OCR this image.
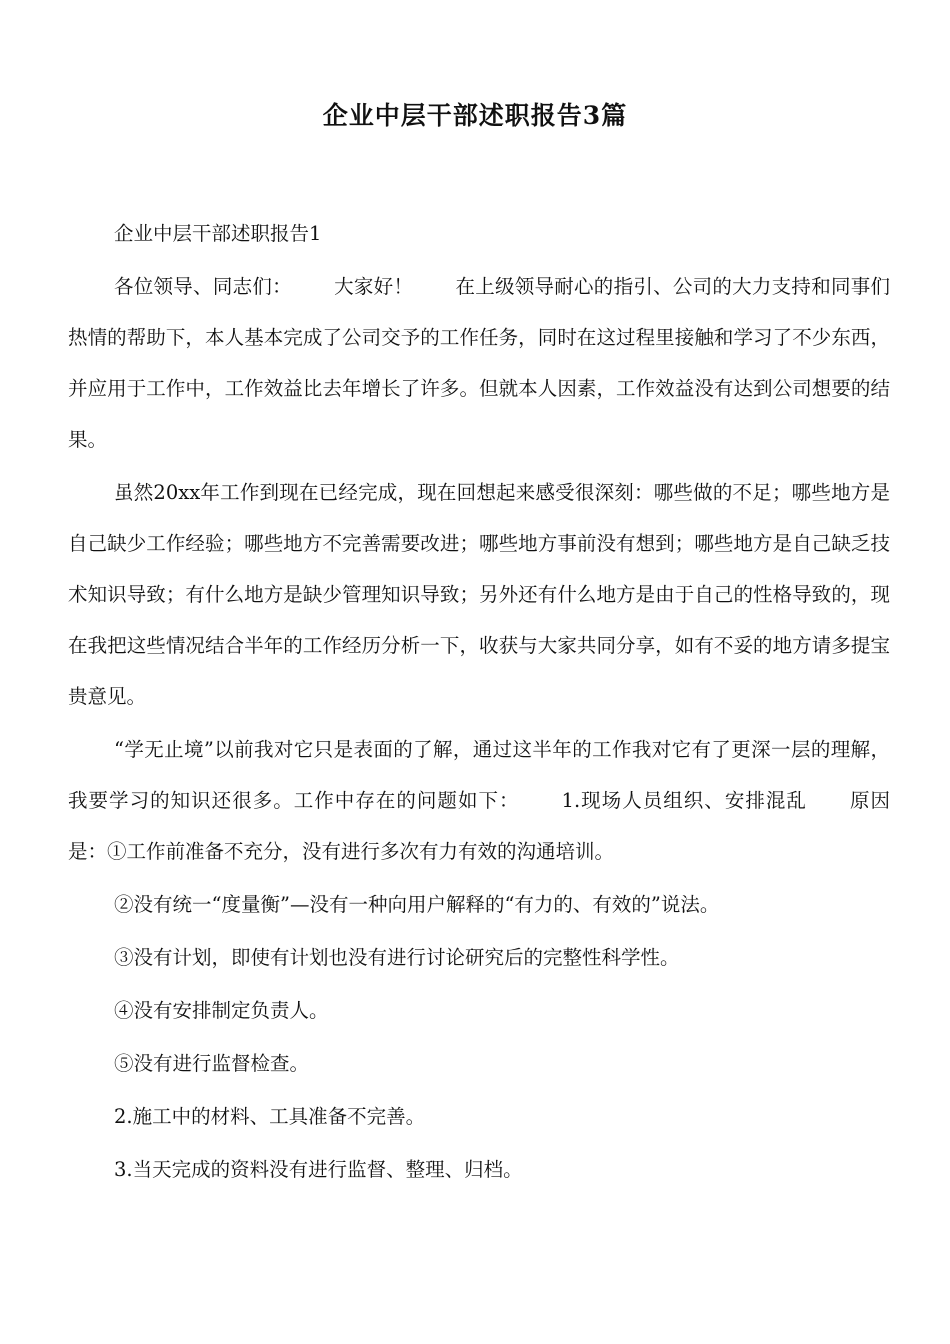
企业中层干部述职报告3篇

企业中层干部述职报告1

各位领导、同志们： 大家好！ 在上级领导耐心的指引、公司的大力支持和同事们热情的帮助下，本人基本完成了公司交予的工作任务，同时在这过程里接触和学习了不少东西，并应用于工作中，工作效益比去年增长了许多。但就本人因素，工作效益没有达到公司想要的结果。

虽然20xx年工作到现在已经完成，现在回想起来感受很深刻：哪些做的不足；哪些地方是自己缺少工作经验；哪些地方不完善需要改进；哪些地方事前没有想到；哪些地方是自己缺乏技术知识导致；有什么地方是缺少管理知识导致；另外还有什么地方是由于自己的性格导致的，现在我把这些情况结合半年的工作经历分析一下，收获与大家共同分享，如有不妥的地方请多提宝贵意见。

“学无止境”以前我对它只是表面的了解，通过这半年的工作我对它有了更深一层的理解，我要学习的知识还很多。工作中存在的问题如下： 1.现场人员组织、安排混乱 原因是：①工作前准备不充分，没有进行多次有力有效的沟通培训。

②没有统一“度量衡”—没有一种向用户解释的“有力的、有效的”说法。

③没有计划，即使有计划也没有进行讨论研究后的完整性科学性。

④没有安排制定负责人。

⑤没有进行监督检查。

2.施工中的材料、工具准备不完善。

3.当天完成的资料没有进行监督、整理、归档。
